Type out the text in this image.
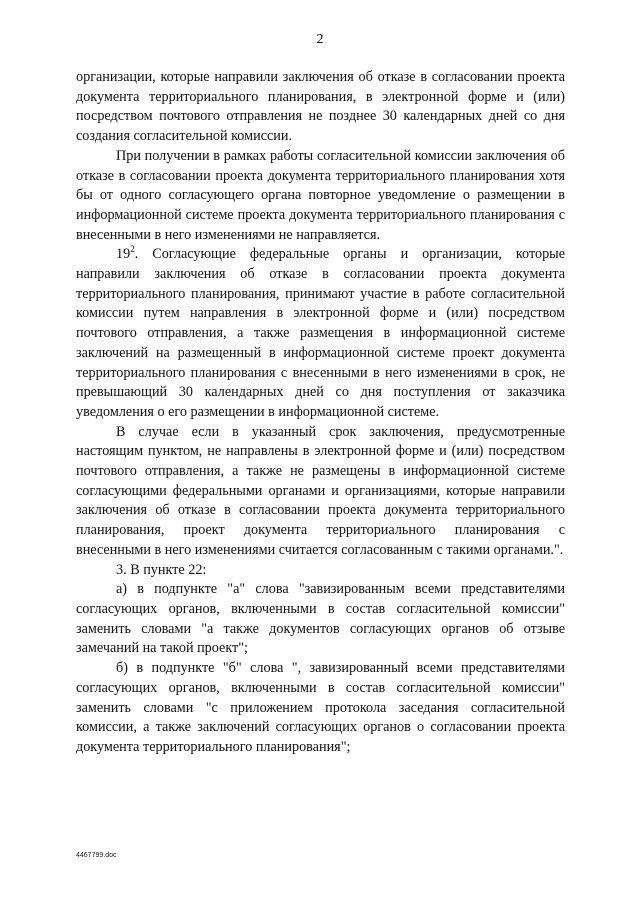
2

организации, которые направили заключения об отказе в согласовании проекта документа территориального планирования, в электронной форме и (или) посредством почтового отправления не позднее 30 календарных дней со дня создания согласительной комиссии.

При получении в рамках работы согласительной комиссии заключения об отказе в согласовании проекта документа территориального планирования хотя бы от одного согласующего органа повторное уведомление о размещении в информационной системе проекта документа территориального планирования с внесенными в него изменениями не направляется.

$19^2$. Согласующие федеральные органы и организации, которые направили заключения об отказе в согласовании проекта документа территориального планирования, принимают участие в работе согласительной комиссии путем направления в электронной форме и (или) посредством почтового отправления, а также размещения в информационной системе заключений на размещенный в информационной системе проект документа территориального планирования с внесенными в него изменениями в срок, не превышающий 30 календарных дней со дня поступления от заказчика уведомления о его размещении в информационной системе.

В случае если в указанный срок заключения, предусмотренные настоящим пунктом, не направлены в электронной форме и (или) посредством почтового отправления, а также не размещены в информационной системе согласующими федеральными органами и организациями, которые направили заключения об отказе в согласовании проекта документа территориального планирования, проект документа территориального планирования с внесенными в него изменениями считается согласованным с такими органами.".

3. В пункте 22:

а) в подпункте "а" слова "завизированным всеми представителями согласующих органов, включенными в состав согласительной комиссии" заменить словами "а также документов согласующих органов об отзыве замечаний на такой проект";

б) в подпункте "б" слова ", завизированный всеми представителями согласующих органов, включенными в состав согласительной комиссии" заменить словами "с приложением протокола заседания согласительной комиссии, а также заключений согласующих органов о согласовании проекта документа территориального планирования";

4467799.doc
